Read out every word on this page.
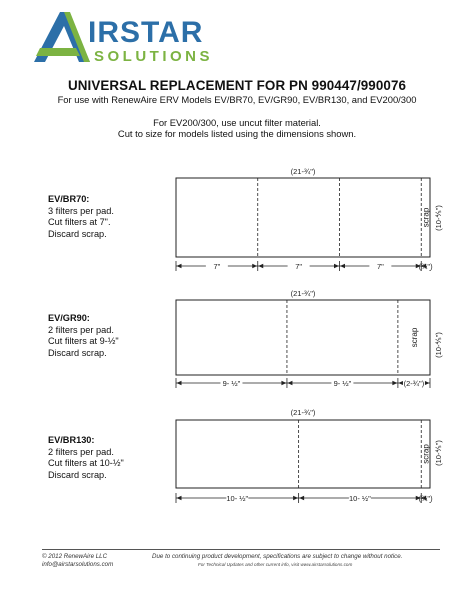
IRSTAR
SOLUTIONS
UNIVERSAL REPLACEMENT FOR PN 990447/990076
For use with RenewAire ERV Models EV/BR70, EV/GR90, EV/BR130, and EV200/300
For EV200/300, use uncut filter material.
Cut to size for models listed using the dimensions shown.
EV/BR70:
3 filters per pad.
Cut filters at 7".
Discard scrap.
EV/GR90:
2 filters per pad.
Cut filters at 9-½"
Discard scrap.
EV/BR130:
2 filters per pad.
Cut filters at 10-½"
Discard scrap.
(21-¾")
(10-⅘")
7"	7"	7"	(¾")
scrap
(21-¾")
(10-⅘")
9- ½"	9- ½"	(2-¾")
scrap
(21-¾")
(10-⅘")
10- ½"	10- ½"	(¾")
scrap
© 2012 RenewAire LLC
info@airstarsolutions.com
Due to continuing product development, specifications are subject to change without notice.
For Technical Updates and other current info, visit www.airstarsolutions.com
